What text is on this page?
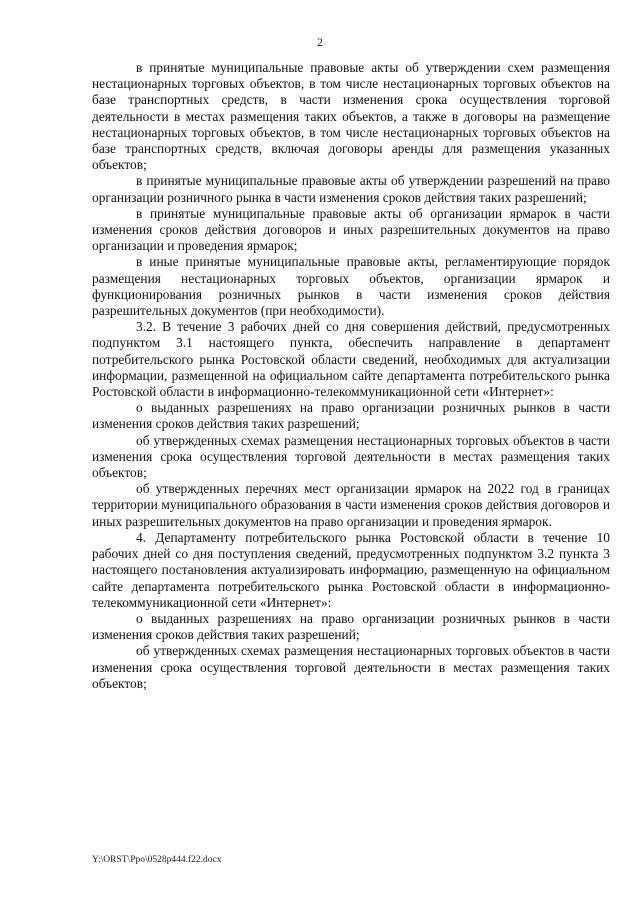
2

в принятые муниципальные правовые акты об утверждении схем размещения нестационарных торговых объектов, в том числе нестационарных торговых объектов на базе транспортных средств, в части изменения срока осуществления торговой деятельности в местах размещения таких объектов, а также в договоры на размещение нестационарных торговых объектов, в том числе нестационарных торговых объектов на базе транспортных средств, включая договоры аренды для размещения указанных объектов;

в принятые муниципальные правовые акты об утверждении разрешений на право организации розничного рынка в части изменения сроков действия таких разрешений;

в принятые муниципальные правовые акты об организации ярмарок в части изменения сроков действия договоров и иных разрешительных документов на право организации и проведения ярмарок;

в иные принятые муниципальные правовые акты, регламентирующие порядок размещения нестационарных торговых объектов, организации ярмарок и функционирования розничных рынков в части изменения сроков действия разрешительных документов (при необходимости).

3.2. В течение 3 рабочих дней со дня совершения действий, предусмотренных подпунктом 3.1 настоящего пункта, обеспечить направление в департамент потребительского рынка Ростовской области сведений, необходимых для актуализации информации, размещенной на официальном сайте департамента потребительского рынка Ростовской области в информационно-телекоммуникационной сети «Интернет»:

о выданных разрешениях на право организации розничных рынков в части изменения сроков действия таких разрешений;

об утвержденных схемах размещения нестационарных торговых объектов в части изменения срока осуществления торговой деятельности в местах размещения таких объектов;

об утвержденных перечнях мест организации ярмарок на 2022 год в границах территории муниципального образования в части изменения сроков действия договоров и иных разрешительных документов на право организации и проведения ярмарок.

4. Департаменту потребительского рынка Ростовской области в течение 10 рабочих дней со дня поступления сведений, предусмотренных подпунктом 3.2 пункта 3 настоящего постановления актуализировать информацию, размещенную на официальном сайте департамента потребительского рынка Ростовской области в информационно-телекоммуникационной сети «Интернет»:

о выданных разрешениях на право организации розничных рынков в части изменения сроков действия таких разрешений;

об утвержденных схемах размещения нестационарных торговых объектов в части изменения срока осуществления торговой деятельности в местах размещения таких объектов;

Y:\ORST\Ppo\0528p444.f22.docx
